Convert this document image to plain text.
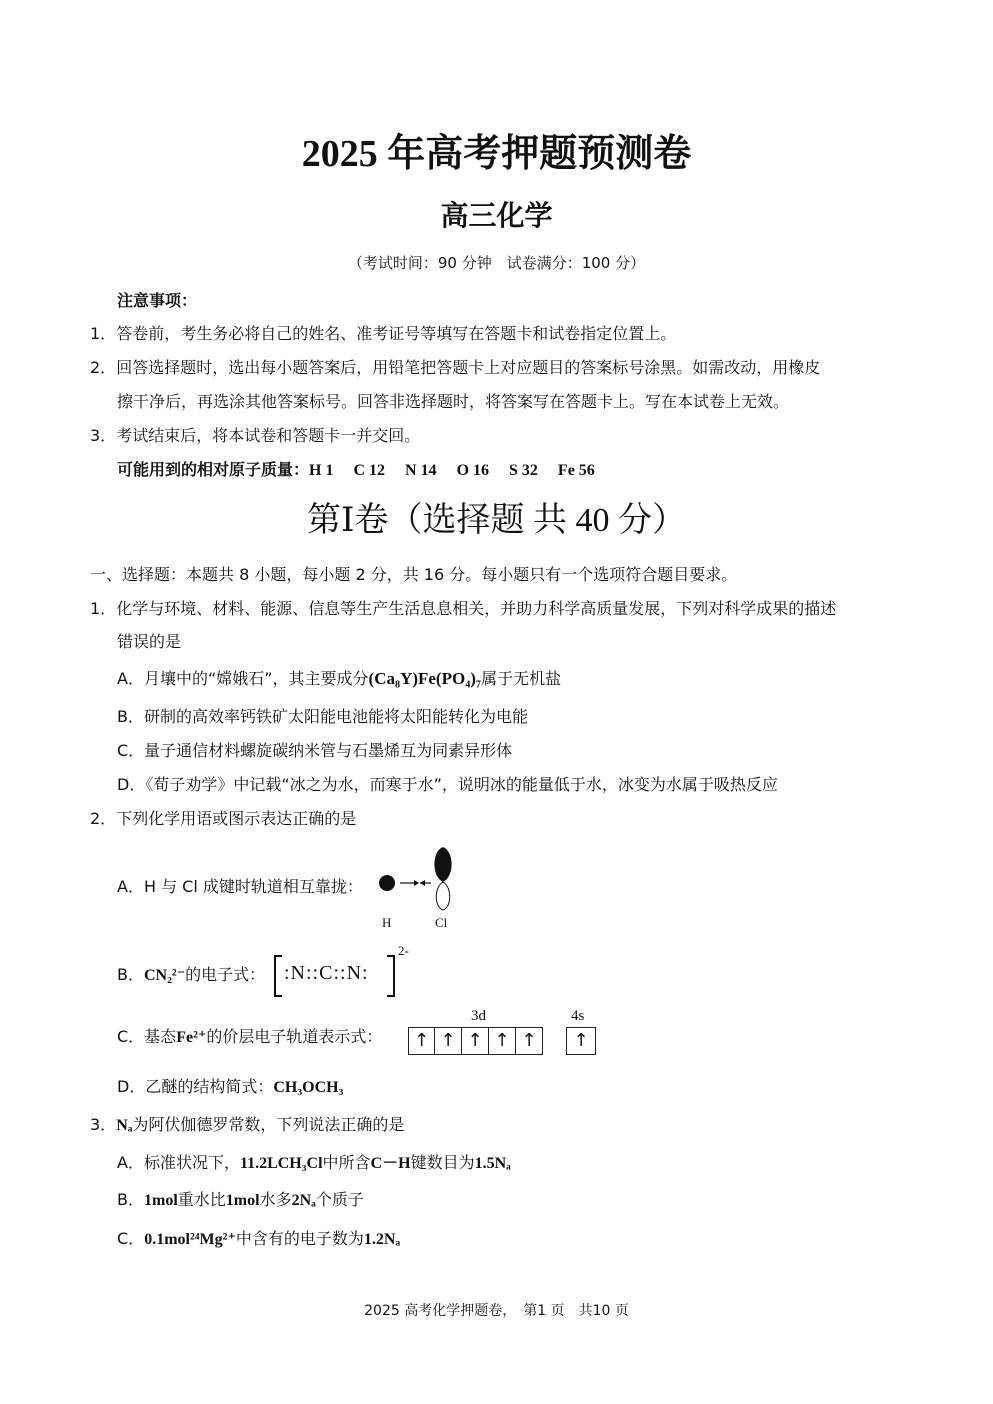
2025 年高考押题预测卷
高三化学
（考试时间：90 分钟　试卷满分：100 分）
注意事项：
1．答卷前，考生务必将自己的姓名、准考证号等填写在答题卡和试卷指定位置上。
2．回答选择题时，选出每小题答案后，用铅笔把答题卡上对应题目的答案标号涂黑。如需改动，用橡皮
擦干净后，再选涂其他答案标号。回答非选择题时，将答案写在答题卡上。写在本试卷上无效。
3．考试结束后，将本试卷和答题卡一并交回。
可能用到的相对原子质量：H 1　 C 12　 N 14　 O 16　 S 32　 Fe 56
第Ⅰ卷（选择题 共 40 分）
一、选择题：本题共 8 小题，每小题 2 分，共 16 分。每小题只有一个选项符合题目要求。
1．化学与环境、材料、能源、信息等生产生活息息相关，并助力科学高质量发展，下列对科学成果的描述
错误的是
A．月壤中的“嫦娥石”，其主要成分(Ca₈Y)Fe(PO₄)₇属于无机盐
B．研制的高效率钙铁矿太阳能电池能将太阳能转化为电能
C．量子通信材料螺旋碳纳米管与石墨烯互为同素异形体
D．《荀子劝学》中记载“冰之为水，而寒于水”，说明冰的能量低于水，冰变为水属于吸热反应
2．下列化学用语或图示表达正确的是
A．H 与 Cl 成键时轨道相互靠拢：
H	Cl
B．CN₂²⁻的电子式： :N::C::N:
2-
C．基态Fe²⁺的价层电子轨道表示式：
3d	4s
↑ ↑ ↑ ↑ ↑	↑
D．乙醚的结构简式：CH₃OCH₃
3．Nₐ为阿伏伽德罗常数，下列说法正确的是
A．标准状况下，11.2LCH₃Cl中所含C－H键数目为1.5Nₐ
B．1mol重水比1mol水多2Nₐ个质子
C．0.1mol²⁴Mg²⁺中含有的电子数为1.2Nₐ
2025 高考化学押题卷，　第1 页　共10 页
